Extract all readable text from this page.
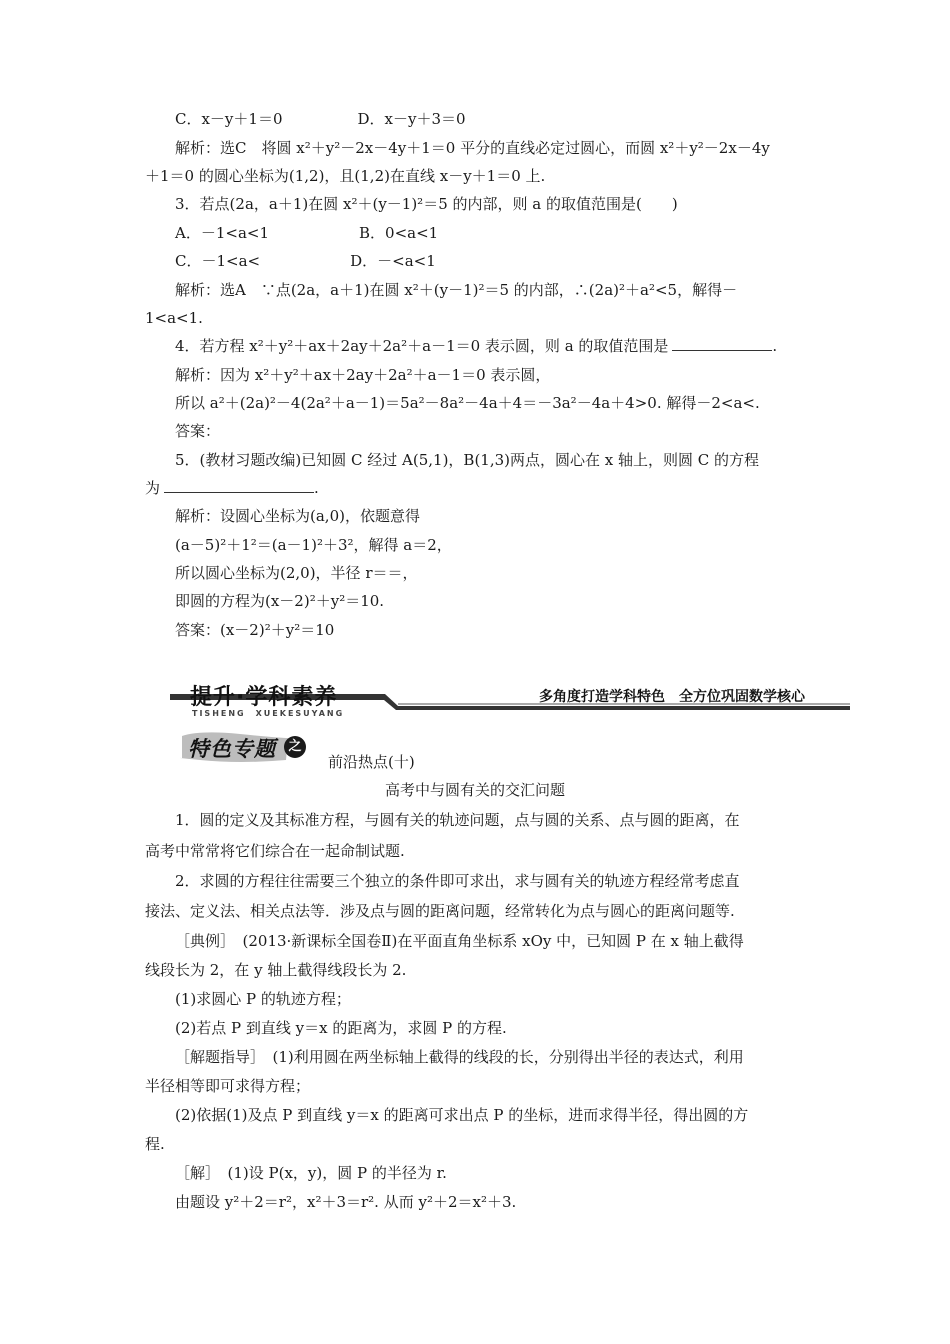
C．x－y＋1＝0　　　　　D．x－y＋3＝0
解析：选C　将圆 x²＋y²－2x－4y＋1＝0 平分的直线必定过圆心，而圆 x²＋y²－2x－4y
＋1＝0 的圆心坐标为(1,2)，且(1,2)在直线 x－y＋1＝0 上.
3．若点(2a，a＋1)在圆 x²＋(y－1)²＝5 的内部，则 a 的取值范围是(　　)
A．－1<a<1　　　　　　B．0<a<1
C．－1<a<　　　　　　D．－<a<1
解析：选A　∵点(2a，a＋1)在圆 x²＋(y－1)²＝5 的内部，∴(2a)²＋a²<5，解得－
1<a<1.
4．若方程 x²＋y²＋ax＋2ay＋2a²＋a－1＝0 表示圆，则 a 的取值范围是	.
解析：因为 x²＋y²＋ax＋2ay＋2a²＋a－1＝0 表示圆，
所以 a²＋(2a)²－4(2a²＋a－1)＝5a²－8a²－4a＋4＝－3a²－4a＋4>0. 解得－2<a<.
答案：
5．(教材习题改编)已知圆 C 经过 A(5,1)，B(1,3)两点，圆心在 x 轴上，则圆 C 的方程
为	.
解析：设圆心坐标为(a,0)，依题意得
(a－5)²＋1²＝(a－1)²＋3²，解得 a＝2，
所以圆心坐标为(2,0)，半径 r＝＝，
即圆的方程为(x－2)²＋y²＝10.
答案：(x－2)²＋y²＝10
提升·学科素养
TISHENG　XUEKESUYANG
多角度打造学科特色　全方位巩固数学核心
特色专题 之
前沿热点(十)
高考中与圆有关的交汇问题
1．圆的定义及其标准方程，与圆有关的轨迹问题，点与圆的关系、点与圆的距离，在
高考中常常将它们综合在一起命制试题.
2．求圆的方程往往需要三个独立的条件即可求出，求与圆有关的轨迹方程经常考虑直
接法、定义法、相关点法等．涉及点与圆的距离问题，经常转化为点与圆心的距离问题等.
［典例］　(2013·新课标全国卷Ⅱ)在平面直角坐标系 xOy 中，已知圆 P 在 x 轴上截得
线段长为 2，在 y 轴上截得线段长为 2.
(1)求圆心 P 的轨迹方程；
(2)若点 P 到直线 y＝x 的距离为，求圆 P 的方程.
［解题指导］　(1)利用圆在两坐标轴上截得的线段的长，分别得出半径的表达式，利用
半径相等即可求得方程；
(2)依据(1)及点 P 到直线 y＝x 的距离可求出点 P 的坐标，进而求得半径，得出圆的方
程.
［解］　(1)设 P(x，y)，圆 P 的半径为 r.
由题设 y²＋2＝r²，x²＋3＝r². 从而 y²＋2＝x²＋3.
